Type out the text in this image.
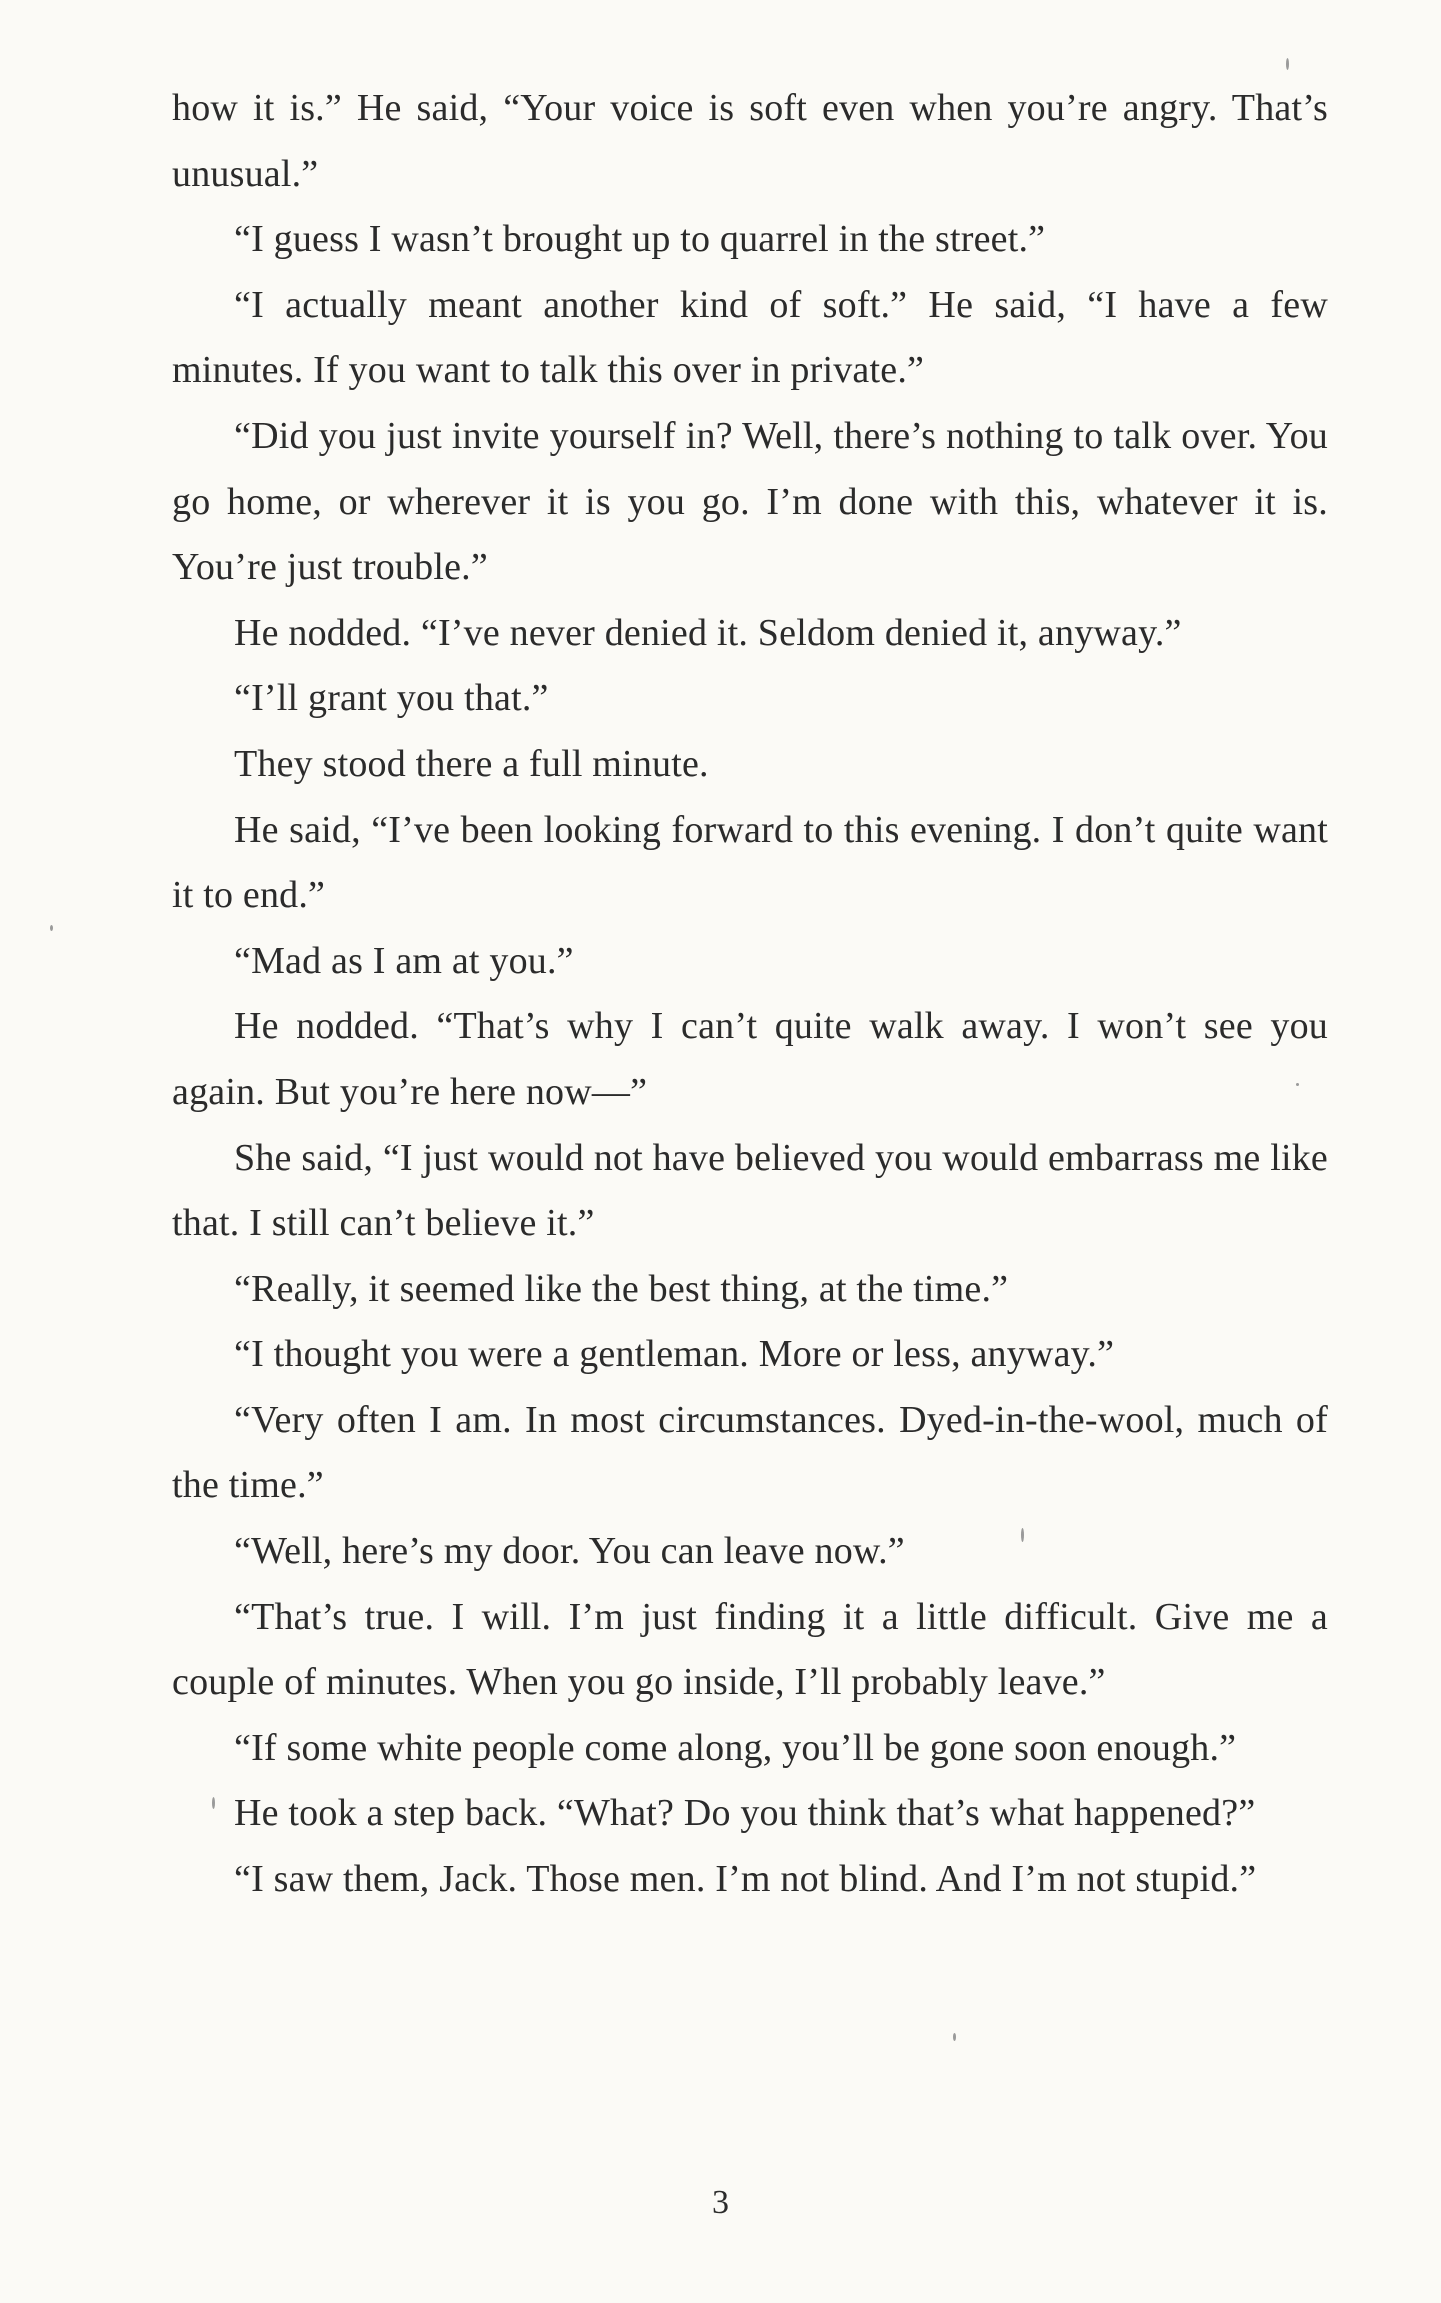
how it is.” He said, “Your voice is soft even when you’re angry. That’s unusual.”

“I guess I wasn’t brought up to quarrel in the street.”

“I actually meant another kind of soft.” He said, “I have a few minutes. If you want to talk this over in private.”

“Did you just invite yourself in? Well, there’s nothing to talk over. You go home, or wherever it is you go. I’m done with this, whatever it is. You’re just trouble.”

He nodded. “I’ve never denied it. Seldom denied it, anyway.”

“I’ll grant you that.”

They stood there a full minute.

He said, “I’ve been looking forward to this evening. I don’t quite want it to end.”

“Mad as I am at you.”

He nodded. “That’s why I can’t quite walk away. I won’t see you again. But you’re here now—”

She said, “I just would not have believed you would embarrass me like that. I still can’t believe it.”

“Really, it seemed like the best thing, at the time.”

“I thought you were a gentleman. More or less, anyway.”

“Very often I am. In most circumstances. Dyed-in-the-wool, much of the time.”

“Well, here’s my door. You can leave now.”

“That’s true. I will. I’m just finding it a little difficult. Give me a couple of minutes. When you go inside, I’ll probably leave.”

“If some white people come along, you’ll be gone soon enough.”

He took a step back. “What? Do you think that’s what happened?”

“I saw them, Jack. Those men. I’m not blind. And I’m not stupid.”

3
